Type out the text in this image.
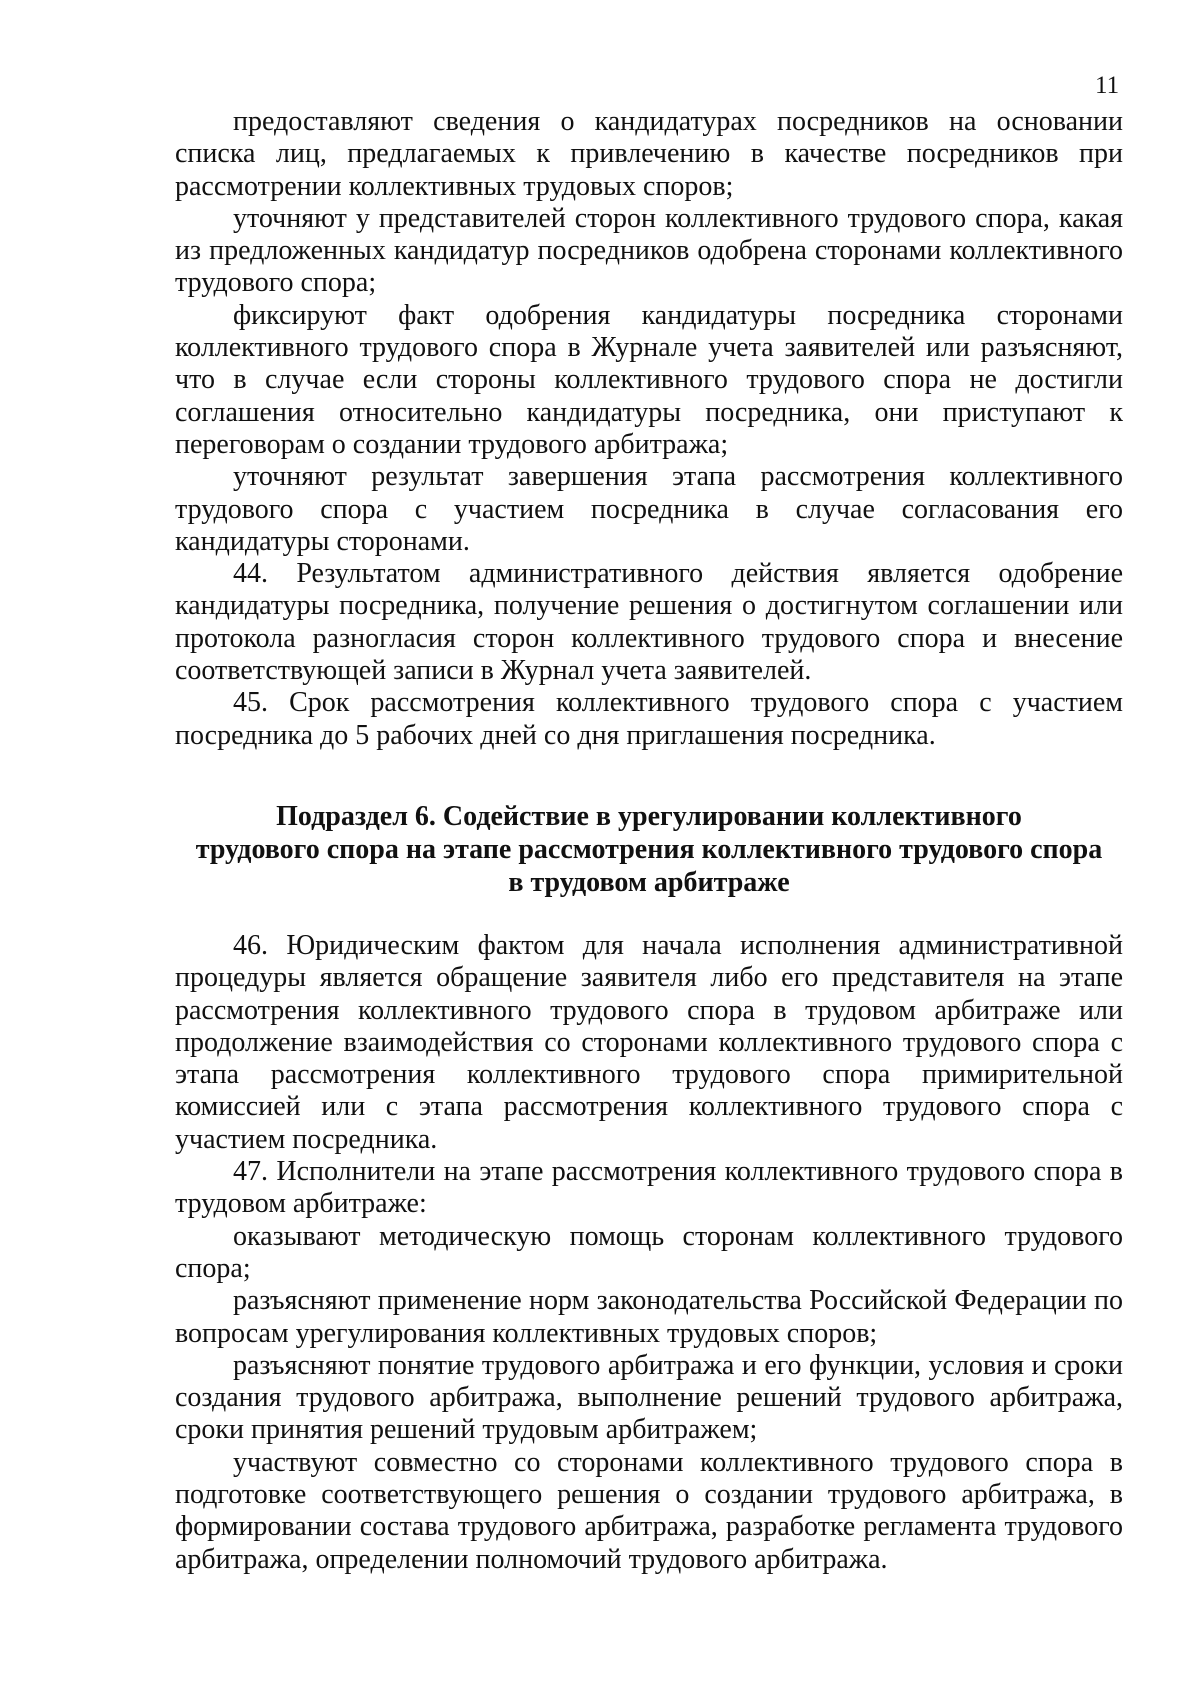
11

предоставляют сведения о кандидатурах посредников на основании списка лиц, предлагаемых к привлечению в качестве посредников при рассмотрении коллективных трудовых споров;

уточняют у представителей сторон коллективного трудового спора, какая из предложенных кандидатур посредников одобрена сторонами коллективного трудового спора;

фиксируют факт одобрения кандидатуры посредника сторонами коллективного трудового спора в Журнале учета заявителей или разъясняют, что в случае если стороны коллективного трудового спора не достигли соглашения относительно кандидатуры посредника, они приступают к переговорам о создании трудового арбитража;

уточняют результат завершения этапа рассмотрения коллективного трудового спора с участием посредника в случае согласования его кандидатуры сторонами.

44. Результатом административного действия является одобрение кандидатуры посредника, получение решения о достигнутом соглашении или протокола разногласия сторон коллективного трудового спора и внесение соответствующей записи в Журнал учета заявителей.

45. Срок рассмотрения коллективного трудового спора с участием посредника до 5 рабочих дней со дня приглашения посредника.

Подраздел 6. Содействие в урегулировании коллективного
трудового спора на этапе рассмотрения коллективного трудового спора
в трудовом арбитраже

46. Юридическим фактом для начала исполнения административной процедуры является обращение заявителя либо его представителя на этапе рассмотрения коллективного трудового спора в трудовом арбитраже или продолжение взаимодействия со сторонами коллективного трудового спора с этапа рассмотрения коллективного трудового спора примирительной комиссией или с этапа рассмотрения коллективного трудового спора с участием посредника.

47. Исполнители на этапе рассмотрения коллективного трудового спора в трудовом арбитраже:

оказывают методическую помощь сторонам коллективного трудового спора;

разъясняют применение норм законодательства Российской Федерации по вопросам урегулирования коллективных трудовых споров;

разъясняют понятие трудового арбитража и его функции, условия и сроки создания трудового арбитража, выполнение решений трудового арбитража, сроки принятия решений трудовым арбитражем;

участвуют совместно со сторонами коллективного трудового спора в подготовке соответствующего решения о создании трудового арбитража, в формировании состава трудового арбитража, разработке регламента трудового арбитража, определении полномочий трудового арбитража.
